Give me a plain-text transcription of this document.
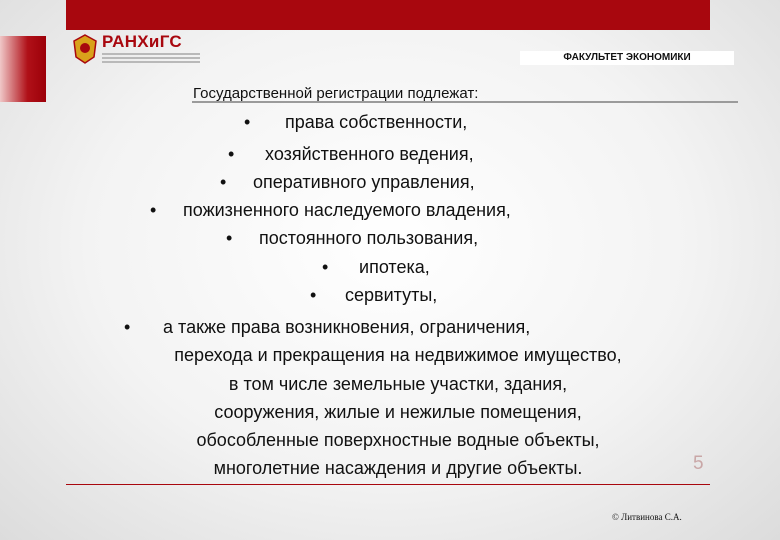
РАНХиГС
ФАКУЛЬТЕТ ЭКОНОМИКИ
Государственной регистрации подлежат:
• права собственности,
• хозяйственного ведения,
• оперативного управления,
• пожизненного наследуемого владения,
• постоянного пользования,
• ипотека,
• сервитуты,
• а также права возникновения, ограничения,
перехода и прекращения на недвижимое имущество,
в том числе земельные участки, здания,
сооружения, жилые и нежилые помещения,
обособленные поверхностные водные объекты,
многолетние насаждения и другие объекты.	5
© Литвинова С.А.
